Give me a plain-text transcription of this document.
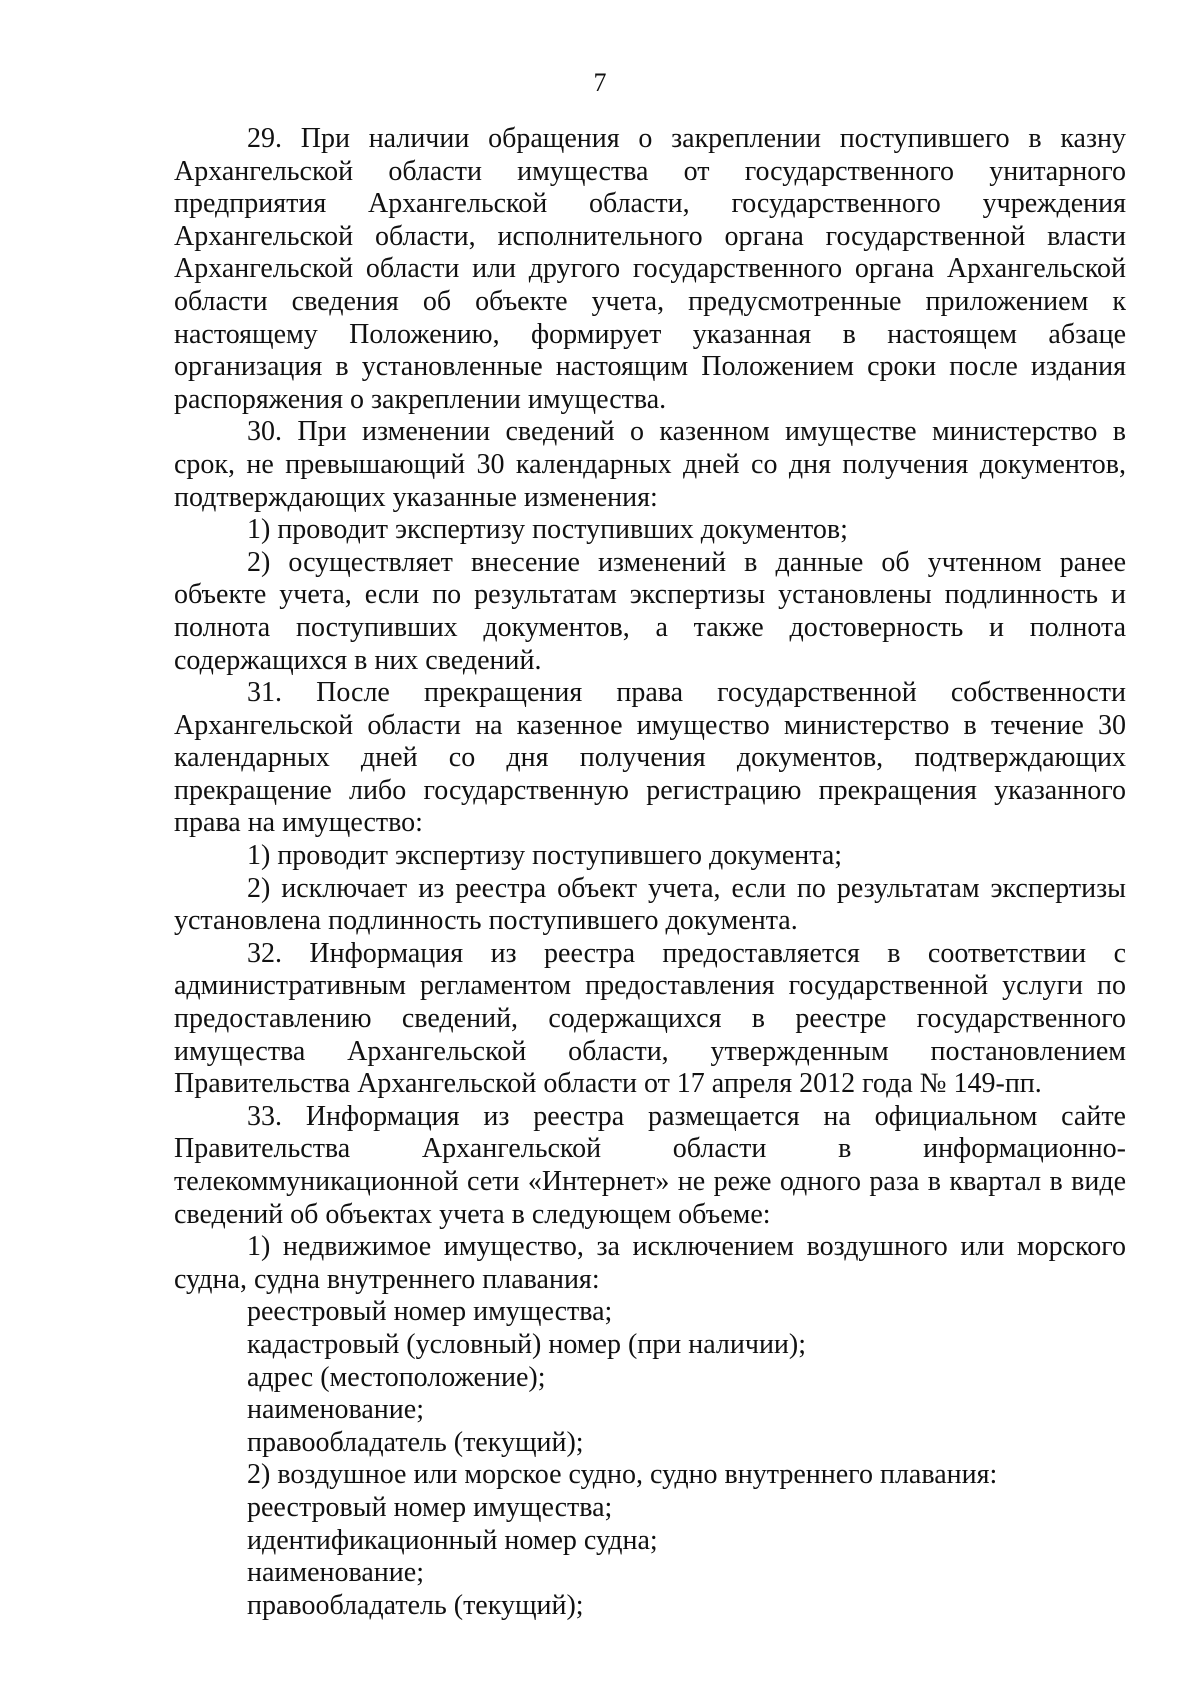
7

29. При наличии обращения о закреплении поступившего в казну Архангельской области имущества от государственного унитарного предприятия Архангельской области, государственного учреждения Архангельской области, исполнительного органа государственной власти Архангельской области или другого государственного органа Архангельской области сведения об объекте учета, предусмотренные приложением к настоящему Положению, формирует указанная в настоящем абзаце организация в установленные настоящим Положением сроки после издания распоряжения о закреплении имущества.

30. При изменении сведений о казенном имуществе министерство в срок, не превышающий 30 календарных дней со дня получения документов, подтверждающих указанные изменения:

1) проводит экспертизу поступивших документов;

2) осуществляет внесение изменений в данные об учтенном ранее объекте учета, если по результатам экспертизы установлены подлинность и полнота поступивших документов, а также достоверность и полнота содержащихся в них сведений.

31. После прекращения права государственной собственности Архангельской области на казенное имущество министерство в течение 30 календарных дней со дня получения документов, подтверждающих прекращение либо государственную регистрацию прекращения указанного права на имущество:

1) проводит экспертизу поступившего документа;

2) исключает из реестра объект учета, если по результатам экспертизы установлена подлинность поступившего документа.

32. Информация из реестра предоставляется в соответствии с административным регламентом предоставления государственной услуги по предоставлению сведений, содержащихся в реестре государственного имущества Архангельской области, утвержденным постановлением Правительства Архангельской области от 17 апреля 2012 года № 149-пп.

33. Информация из реестра размещается на официальном сайте Правительства Архангельской области в информационно-телекоммуникационной сети «Интернет» не реже одного раза в квартал в виде сведений об объектах учета в следующем объеме:

1) недвижимое имущество, за исключением воздушного или морского судна, судна внутреннего плавания:

реестровый номер имущества;

кадастровый (условный) номер (при наличии);

адрес (местоположение);

наименование;

правообладатель (текущий);

2) воздушное или морское судно, судно внутреннего плавания:

реестровый номер имущества;

идентификационный номер судна;

наименование;

правообладатель (текущий);
